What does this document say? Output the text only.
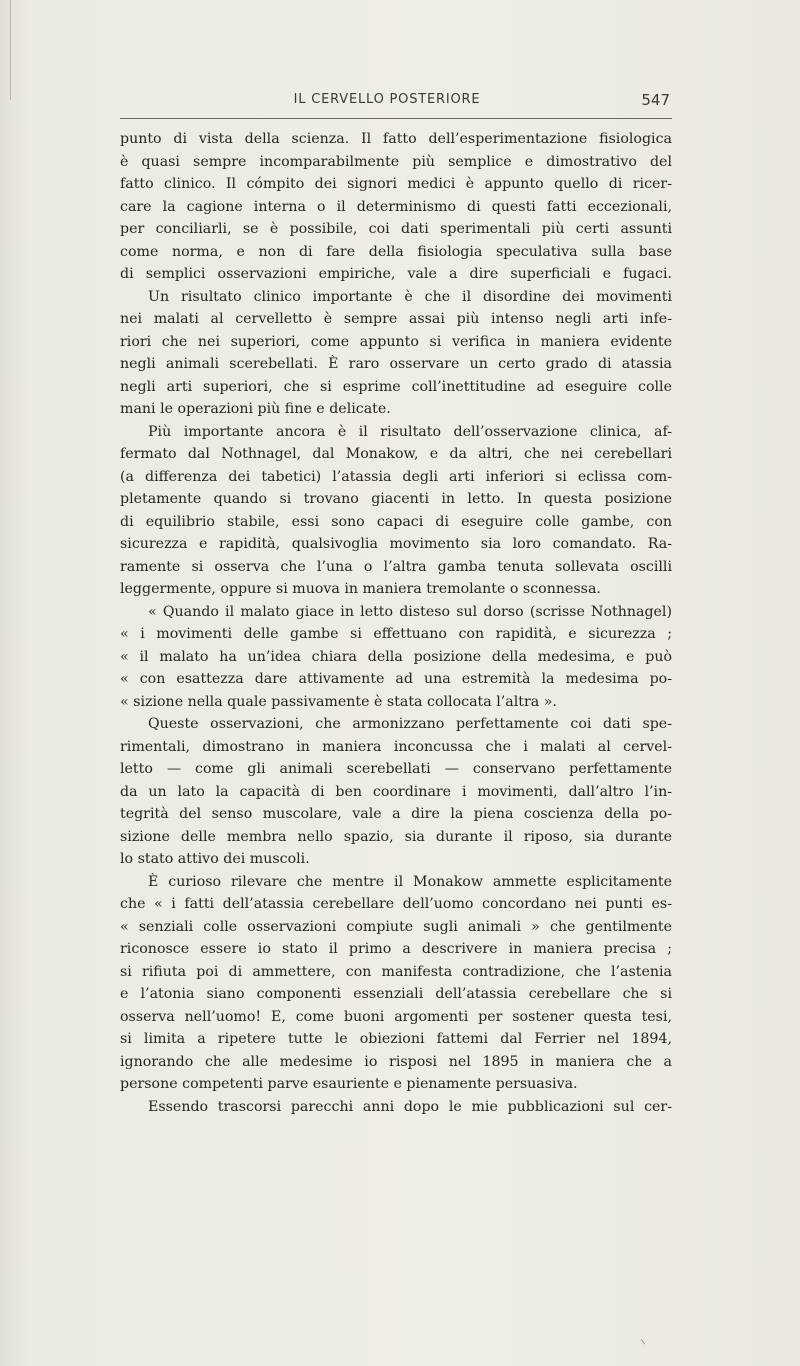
IL CERVELLO POSTERIORE	547
punto di vista della scienza. Il fatto dell’esperimentazione fisiologica
è quasi sempre incomparabilmente più semplice e dimostrativo del
fatto clinico. Il cómpito dei signori medici è appunto quello di ricer-
care la cagione interna o il determinismo di questi fatti eccezionali,
per conciliarli, se è possibile, coi dati sperimentali più certi assunti
come norma, e non di fare della fisiologia speculativa sulla base
di semplici osservazioni empiriche, vale a dire superficiali e fugaci.
Un risultato clinico importante è che il disordine dei movimenti
nei malati al cervelletto è sempre assai più intenso negli arti infe-
riori che nei superiori, come appunto si verifica in maniera evidente
negli animali scerebellati. È raro osservare un certo grado di atassia
negli arti superiori, che si esprime coll’inettitudine ad eseguire colle
mani le operazioni più fine e delicate.
Più importante ancora è il risultato dell’osservazione clinica, af-
fermato dal Nothnagel, dal Monakow, e da altri, che nei cerebellari
(a differenza dei tabetici) l’atassia degli arti inferiori si eclissa com-
pletamente quando si trovano giacenti in letto. In questa posizione
di equilibrio stabile, essi sono capaci di eseguire colle gambe, con
sicurezza e rapidità, qualsivoglia movimento sia loro comandato. Ra-
ramente si osserva che l’una o l’altra gamba tenuta sollevata oscilli
leggermente, oppure si muova in maniera tremolante o sconnessa.
« Quando il malato giace in letto disteso sul dorso (scrisse Nothnagel)
« i movimenti delle gambe si effettuano con rapidità, e sicurezza ;
« il malato ha un’idea chiara della posizione della medesima, e può
« con esattezza dare attivamente ad una estremità la medesima po-
« sizione nella quale passivamente è stata collocata l’altra ».
Queste osservazioni, che armonizzano perfettamente coi dati spe-
rimentali, dimostrano in maniera inconcussa che i malati al cervel-
letto — come gli animali scerebellati — conservano perfettamente
da un lato la capacità di ben coordinare i movimenti, dall’altro l’in-
tegrità del senso muscolare, vale a dire la piena coscienza della po-
sizione delle membra nello spazio, sia durante il riposo, sia durante
lo stato attivo dei muscoli.
È curioso rilevare che mentre il Monakow ammette esplicitamente
che « i fatti dell’atassia cerebellare dell’uomo concordano nei punti es-
« senziali colle osservazioni compiute sugli animali » che gentilmente
riconosce essere io stato il primo a descrivere in maniera precisa ;
si rifiuta poi di ammettere, con manifesta contradizione, che l’astenia
e l’atonia siano componenti essenziali dell’atassia cerebellare che si
osserva nell’uomo! E, come buoni argomenti per sostener questa tesi,
si limita a ripetere tutte le obiezioni fattemi dal Ferrier nel 1894,
ignorando che alle medesime io risposi nel 1895 in maniera che a
persone competenti parve esauriente e pienamente persuasiva.
Essendo trascorsi parecchi anni dopo le mie pubblicazioni sul cer-
